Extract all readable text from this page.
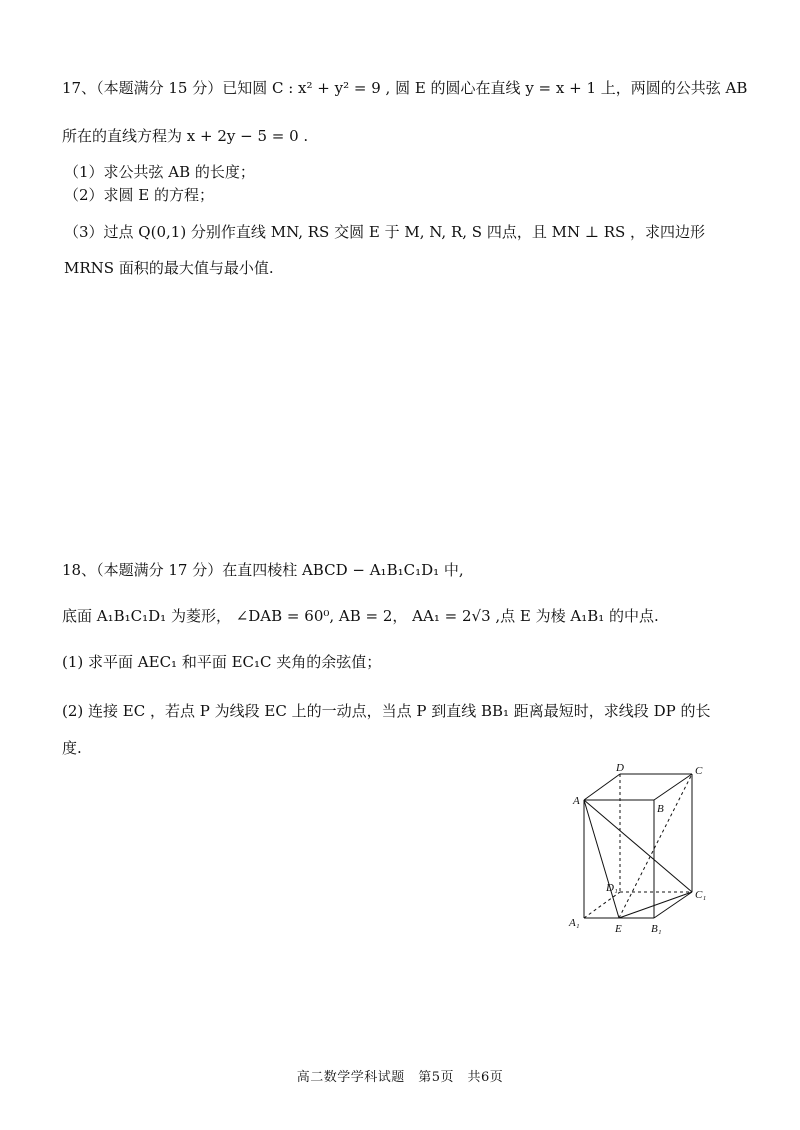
17、（本题满分 15 分）已知圆 C : x² + y² = 9 , 圆 E 的圆心在直线 y = x + 1 上，两圆的公共弦 AB
所在的直线方程为 x + 2y − 5 = 0 .
（1）求公共弦 AB 的长度；
（2）求圆 E 的方程；
（3）过点 Q(0,1) 分别作直线 MN, RS 交圆 E 于 M, N, R, S 四点，且 MN ⊥ RS ，求四边形
MRNS 面积的最大值与最小值.
18、（本题满分 17 分）在直四棱柱 ABCD − A₁B₁C₁D₁ 中,
底面 A₁B₁C₁D₁ 为菱形， ∠DAB = 60⁰, AB = 2， AA₁ = 2√3 ,点 E 为棱 A₁B₁ 的中点.
(1) 求平面 AEC₁ 和平面 EC₁C 夹角的余弦值；
(2) 连接 EC ，若点 P 为线段 EC 上的一动点，当点 P 到直线 BB₁ 距离最短时，求线段 DP 的长
度.
D	C
A
B
D₁
C₁
A₁	E	B₁
高二数学学科试题　第5页　共6页
